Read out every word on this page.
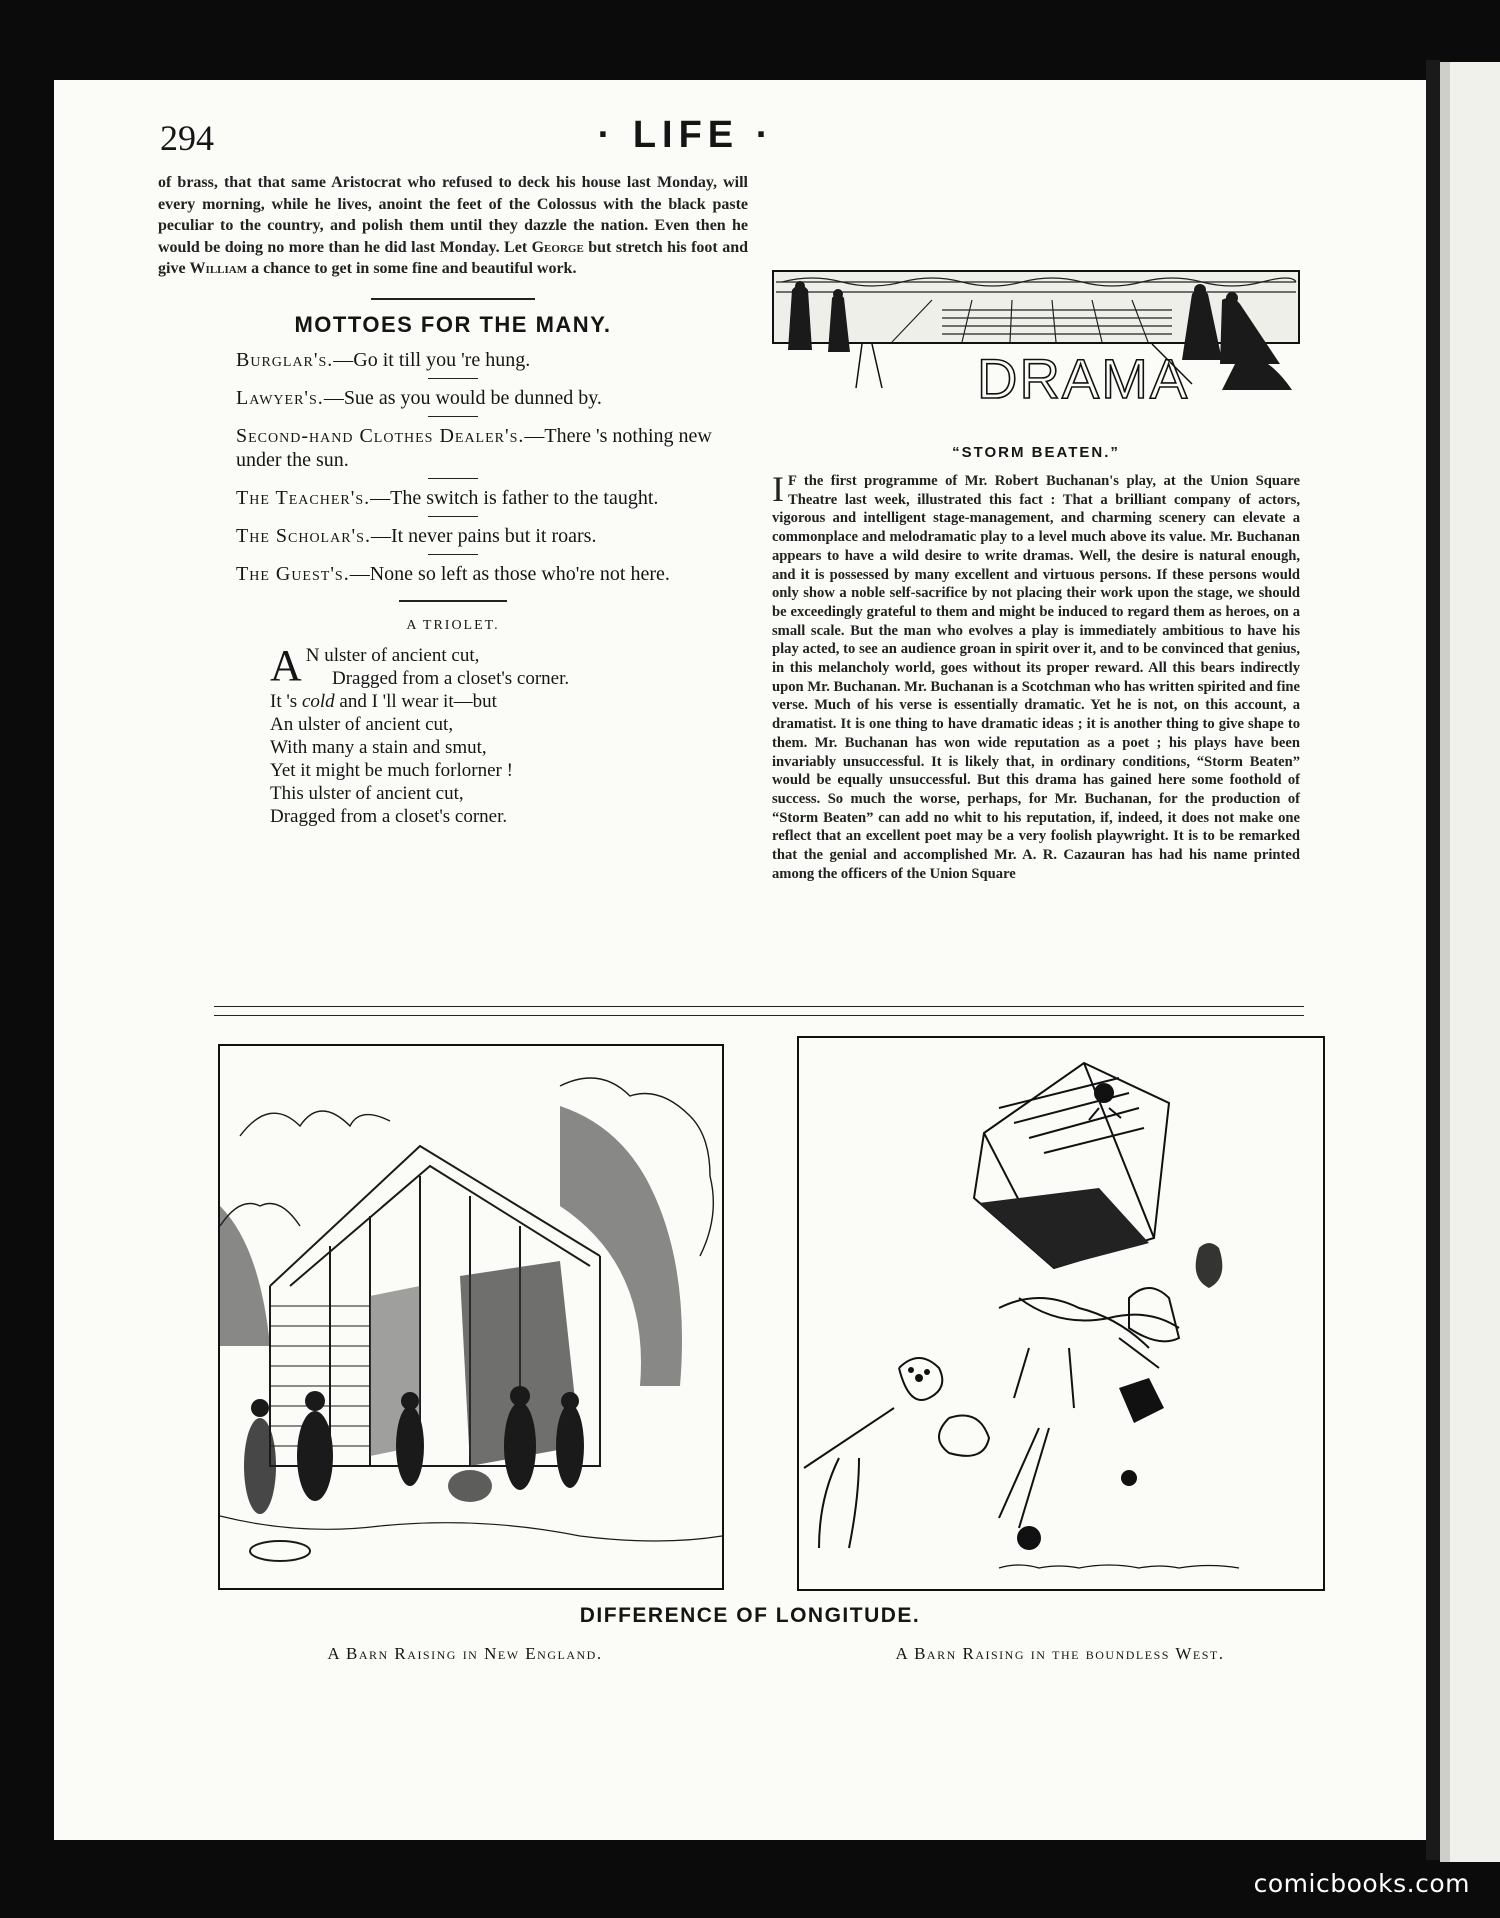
294	· LIFE ·

of brass, that that same Aristocrat who refused to deck his house last Monday, will every morning, while he lives, anoint the feet of the Colossus with the black paste peculiar to the country, and polish them until they dazzle the nation. Even then he would be doing no more than he did last Monday. Let George but stretch his foot and give William a chance to get in some fine and beautiful work.

MOTTOES FOR THE MANY.

Burglar's.—Go it till you 're hung.

Lawyer's.—Sue as you would be dunned by.

Second-hand Clothes Dealer's.—There 's nothing new under the sun.

The Teacher's.—The switch is father to the taught.

The Scholar's.—It never pains but it roars.

The Guest's.—None so left as those who're not here.

A TRIOLET.
A N ulster of ancient cut,
Dragged from a closet's corner.
It 's cold and I 'll wear it—but
An ulster of ancient cut,
With many a stain and smut,
Yet it might be much forlorner !
This ulster of ancient cut,
Dragged from a closet's corner.
DRAMA
“STORM BEATEN.”

I F the first programme of Mr. Robert Buchanan's play, at the Union Square Theatre last week, illustrated this fact : That a brilliant company of actors, vigorous and intelligent stage-management, and charming scenery can elevate a commonplace and melodramatic play to a level much above its value. Mr. Buchanan appears to have a wild desire to write dramas. Well, the desire is natural enough, and it is possessed by many excellent and virtuous persons. If these persons would only show a noble self-sacrifice by not placing their work upon the stage, we should be exceedingly grateful to them and might be induced to regard them as heroes, on a small scale. But the man who evolves a play is immediately ambitious to have his play acted, to see an audience groan in spirit over it, and to be convinced that genius, in this melancholy world, goes without its proper reward. All this bears indirectly upon Mr. Buchanan. Mr. Buchanan is a Scotchman who has written spirited and fine verse. Much of his verse is essentially dramatic. Yet he is not, on this account, a dramatist. It is one thing to have dramatic ideas ; it is another thing to give shape to them. Mr. Buchanan has won wide reputation as a poet ; his plays have been invariably unsuccessful. It is likely that, in ordinary conditions, “Storm Beaten” would be equally unsuccessful. But this drama has gained here some foothold of success. So much the worse, perhaps, for Mr. Buchanan, for the production of “Storm Beaten” can add no whit to his reputation, if, indeed, it does not make one reflect that an excellent poet may be a very foolish playwright. It is to be remarked that the genial and accomplished Mr. A. R. Cazauran has had his name printed among the officers of the Union Square

DIFFERENCE OF LONGITUDE.
A Barn Raising in New England.	A Barn Raising in the boundless West.
comicbooks.com
